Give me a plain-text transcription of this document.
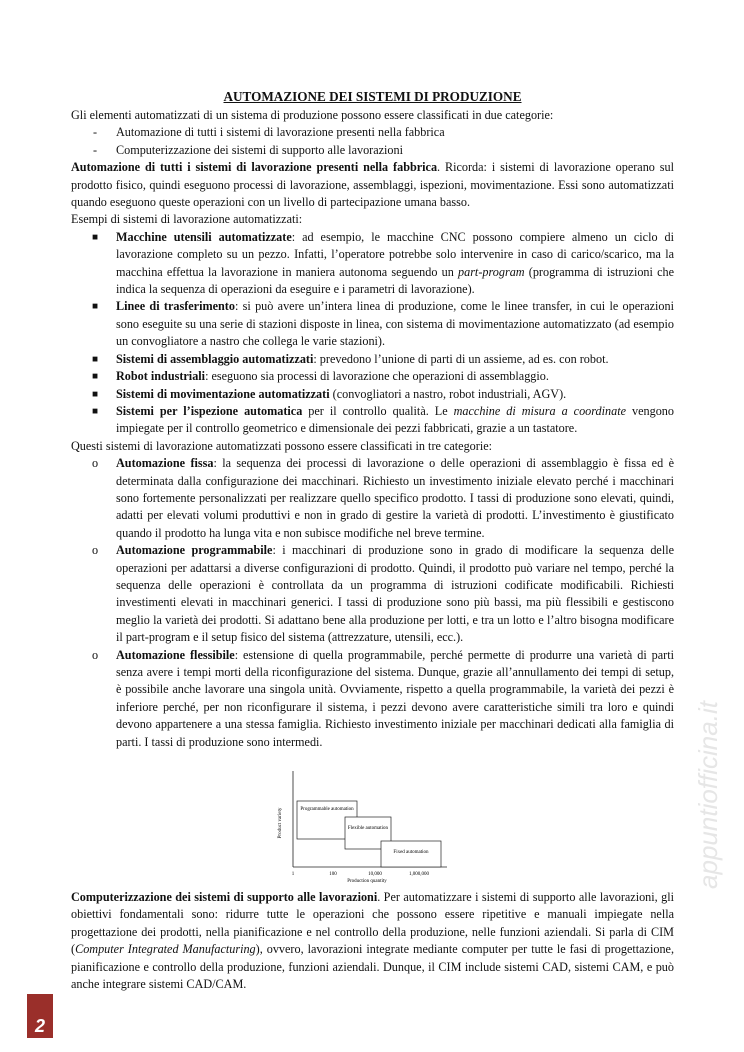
AUTOMAZIONE DEI SISTEMI DI PRODUZIONE

Gli elementi automatizzati di un sistema di produzione possono essere classificati in due categorie:

- Automazione di tutti i sistemi di lavorazione presenti nella fabbrica
- Computerizzazione dei sistemi di supporto alle lavorazioni

Automazione di tutti i sistemi di lavorazione presenti nella fabbrica. Ricorda: i sistemi di lavorazione operano sul prodotto fisico, quindi eseguono processi di lavorazione, assemblaggi, ispezioni, movimentazione. Essi sono automatizzati quando eseguono queste operazioni con un livello di partecipazione umana basso.

Esempi di sistemi di lavorazione automatizzati:

■ Macchine utensili automatizzate: ad esempio, le macchine CNC possono compiere almeno un ciclo di lavorazione completo su un pezzo. Infatti, l’operatore potrebbe solo intervenire in caso di carico/scarico, ma la macchina effettua la lavorazione in maniera autonoma seguendo un part-program (programma di istruzioni che indica la sequenza di operazioni da eseguire e i parametri di lavorazione).
■ Linee di trasferimento: si può avere un’intera linea di produzione, come le linee transfer, in cui le operazioni sono eseguite su una serie di stazioni disposte in linea, con sistema di movimentazione automatizzato (ad esempio un convogliatore a nastro che collega le varie stazioni).
■ Sistemi di assemblaggio automatizzati: prevedono l’unione di parti di un assieme, ad es. con robot.
■ Robot industriali: eseguono sia processi di lavorazione che operazioni di assemblaggio.
■ Sistemi di movimentazione automatizzati (convogliatori a nastro, robot industriali, AGV).
■ Sistemi per l’ispezione automatica per il controllo qualità. Le macchine di misura a coordinate vengono impiegate per il controllo geometrico e dimensionale dei pezzi fabbricati, grazie a un tastatore.

Questi sistemi di lavorazione automatizzati possono essere classificati in tre categorie:

o Automazione fissa: la sequenza dei processi di lavorazione o delle operazioni di assemblaggio è fissa ed è determinata dalla configurazione dei macchinari. Richiesto un investimento iniziale elevato perché i macchinari sono fortemente personalizzati per realizzare quello specifico prodotto. I tassi di produzione sono elevati, quindi, adatti per elevati volumi produttivi e non in grado di gestire la varietà di prodotti. L’investimento è giustificato quando il prodotto ha lunga vita e non subisce modifiche nel breve termine.
o Automazione programmabile: i macchinari di produzione sono in grado di modificare la sequenza delle operazioni per adattarsi a diverse configurazioni di prodotto. Quindi, il prodotto può variare nel tempo, perché la sequenza delle operazioni è controllata da un programma di istruzioni codificate modificabili. Richiesti investimenti elevati in macchinari generici. I tassi di produzione sono più bassi, ma più flessibili e gestiscono meglio la varietà dei prodotti. Si adattano bene alla produzione per lotti, e tra un lotto e l’altro bisogna modificare il part-program e il setup fisico del sistema (attrezzature, utensili, ecc.).
o Automazione flessibile: estensione di quella programmabile, perché permette di produrre una varietà di parti senza avere i tempi morti della riconfigurazione del sistema. Dunque, grazie all’annullamento dei tempi di setup, è possibile anche lavorare una singola unità. Ovviamente, rispetto a quella programmabile, la varietà dei pezzi è inferiore perché, per non riconfigurare il sistema, i pezzi devono avere caratteristiche simili tra loro e quindi devono appartenere a una stessa famiglia. Richiesto investimento iniziale per macchinari dedicati alla famiglia di parti. I tassi di produzione sono intermedi.
Product variety	Programmable automation
Flexible automation
Fixed automation
1	100	10,000	1,000,000
Production quantity

Computerizzazione dei sistemi di supporto alle lavorazioni. Per automatizzare i sistemi di supporto alle lavorazioni, gli obiettivi fondamentali sono: ridurre tutte le operazioni che possono essere ripetitive e manuali impiegate nella progettazione dei prodotti, nella pianificazione e nel controllo della produzione, nelle funzioni aziendali. Si parla di CIM (Computer Integrated Manufacturing), ovvero, lavorazioni integrate mediante computer per tutte le fasi di progettazione, pianificazione e controllo della produzione, funzioni aziendali. Dunque, il CIM include sistemi CAD, sistemi CAM, e può anche integrare sistemi CAD/CAM.

appuntiofficina.it
2
